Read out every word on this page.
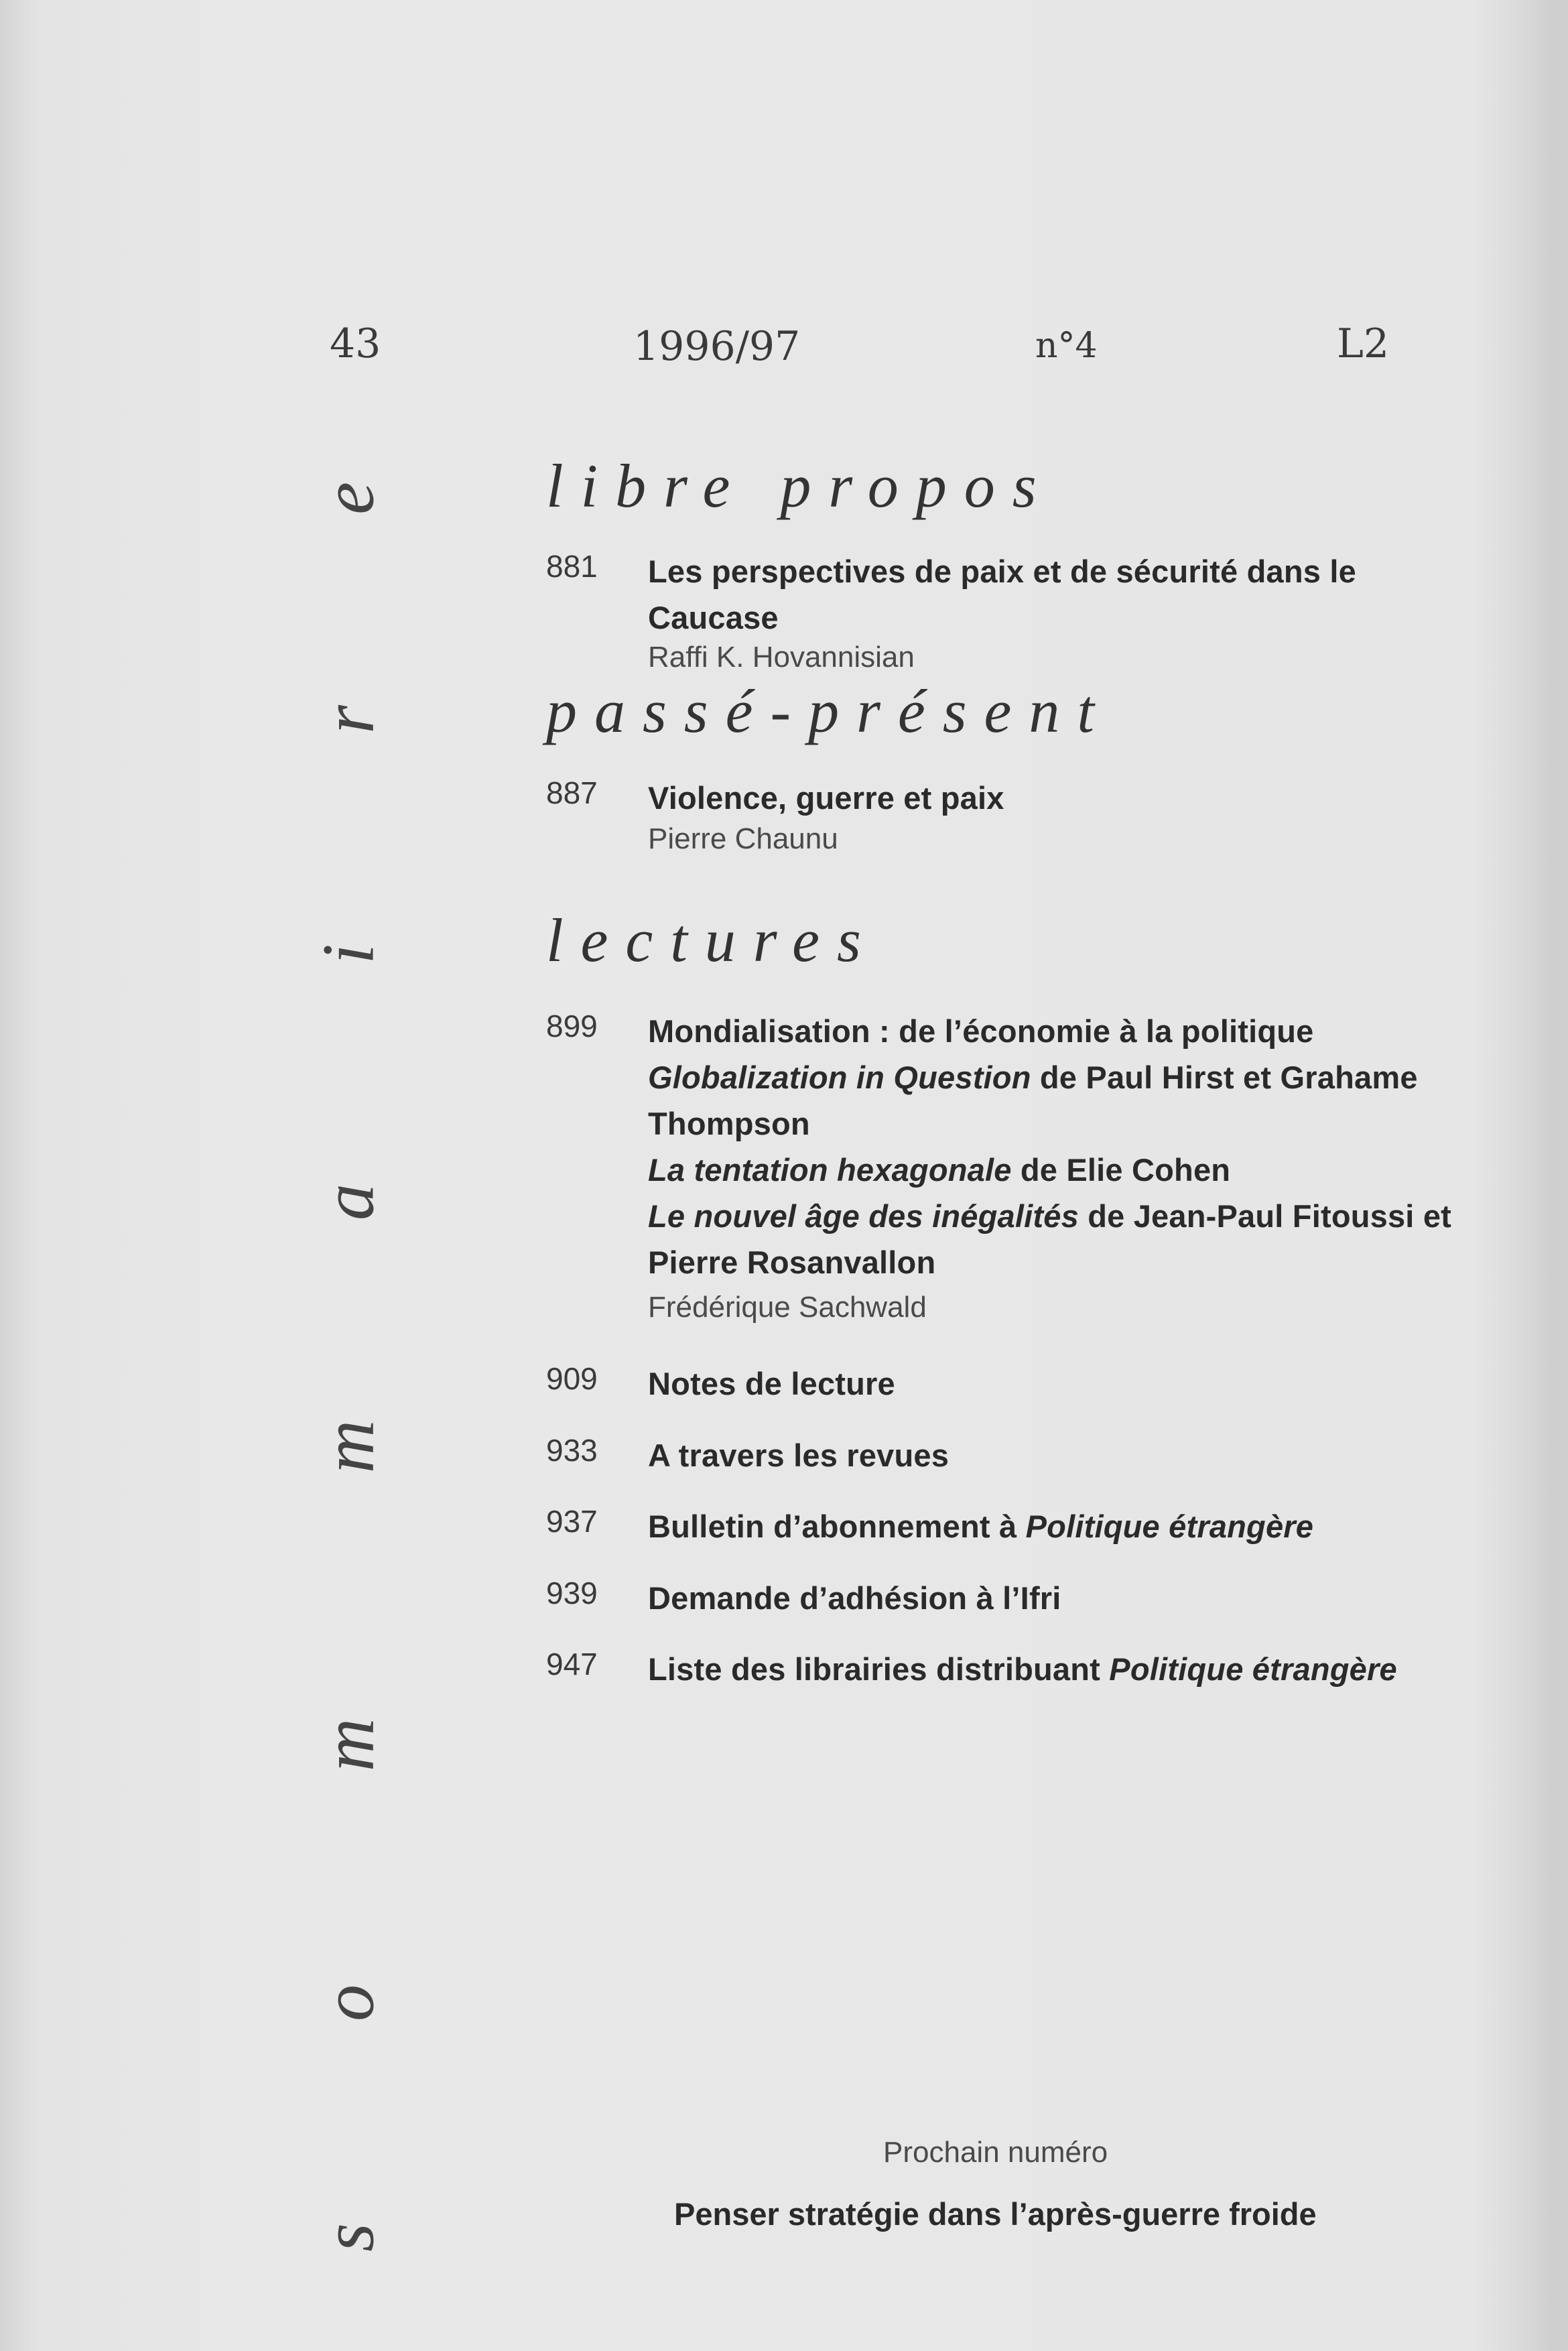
43	1996/97	n°4	L2
s
o
m
m
a
i
r
e	libre propos
881	Les perspectives de paix et de sécurité dans le Caucase
Raffi K. Hovannisian
passé-présent
887	Violence, guerre et paix
Pierre Chaunu
lectures
899	Mondialisation : de l’économie à la politique
Globalization in Question de Paul Hirst et Grahame Thompson
La tentation hexagonale de Elie Cohen
Le nouvel âge des inégalités de Jean-Paul Fitoussi et Pierre Rosanvallon
Frédérique Sachwald
909	Notes de lecture
933	A travers les revues
937	Bulletin d’abonnement à Politique étrangère
939	Demande d’adhésion à l’Ifri
947	Liste des librairies distribuant Politique étrangère
Prochain numéro
Penser stratégie dans l’après-guerre froide
